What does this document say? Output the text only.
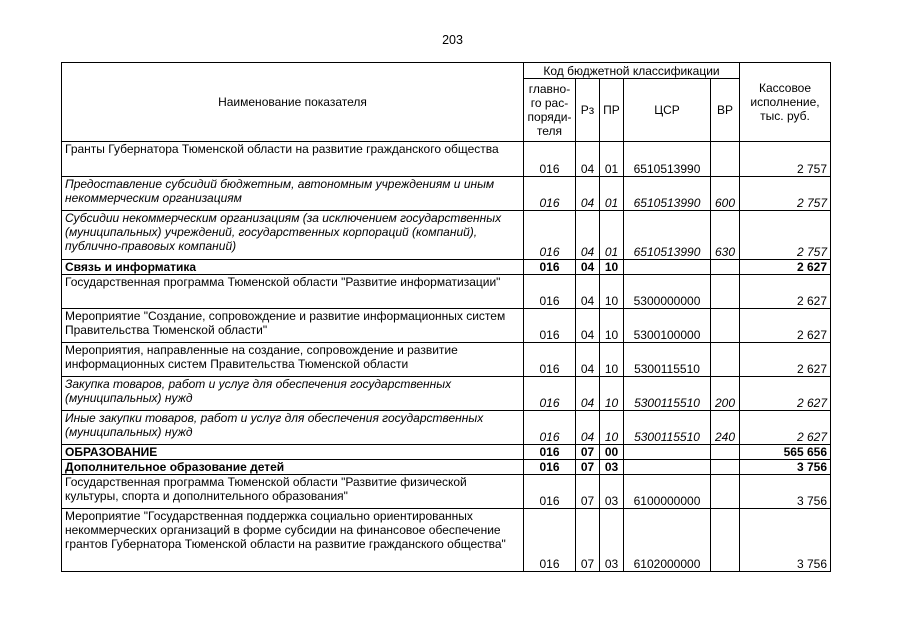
203
Наименование показателя	Код бюджетной классификации					Кассовое исполнение, тыс. руб.
	главно-го рас-поряди-теля	Рз	ПР	ЦСР	ВР	
Гранты Губернатора Тюменской области на развитие гражданского общества	016	04	01	6510513990		2 757
Предоставление субсидий бюджетным, автономным учреждениям и иным некоммерческим организациям	016	04	01	6510513990	600	2 757
Субсидии некоммерческим организациям (за исключением государственных (муниципальных) учреждений, государственных корпораций (компаний), публично-правовых компаний)	016	04	01	6510513990	630	2 757
Связь и информатика	016	04	10			2 627
Государственная программа Тюменской области "Развитие информатизации"	016	04	10	5300000000		2 627
Мероприятие "Создание, сопровождение и развитие информационных систем Правительства Тюменской области"	016	04	10	5300100000		2 627
Мероприятия, направленные на создание, сопровождение и развитие информационных систем Правительства Тюменской области	016	04	10	5300115510		2 627
Закупка товаров, работ и услуг для обеспечения государственных (муниципальных) нужд	016	04	10	5300115510	200	2 627
Иные закупки товаров, работ и услуг для обеспечения государственных (муниципальных) нужд	016	04	10	5300115510	240	2 627
ОБРАЗОВАНИЕ	016	07	00			565 656
Дополнительное образование детей	016	07	03			3 756
Государственная программа Тюменской области "Развитие физической культуры, спорта и дополнительного образования"	016	07	03	6100000000		3 756
Мероприятие "Государственная поддержка социально ориентированных некоммерческих организаций в форме субсидии на финансовое обеспечение грантов Губернатора Тюменской области на развитие гражданского общества"	016	07	03	6102000000		3 756
